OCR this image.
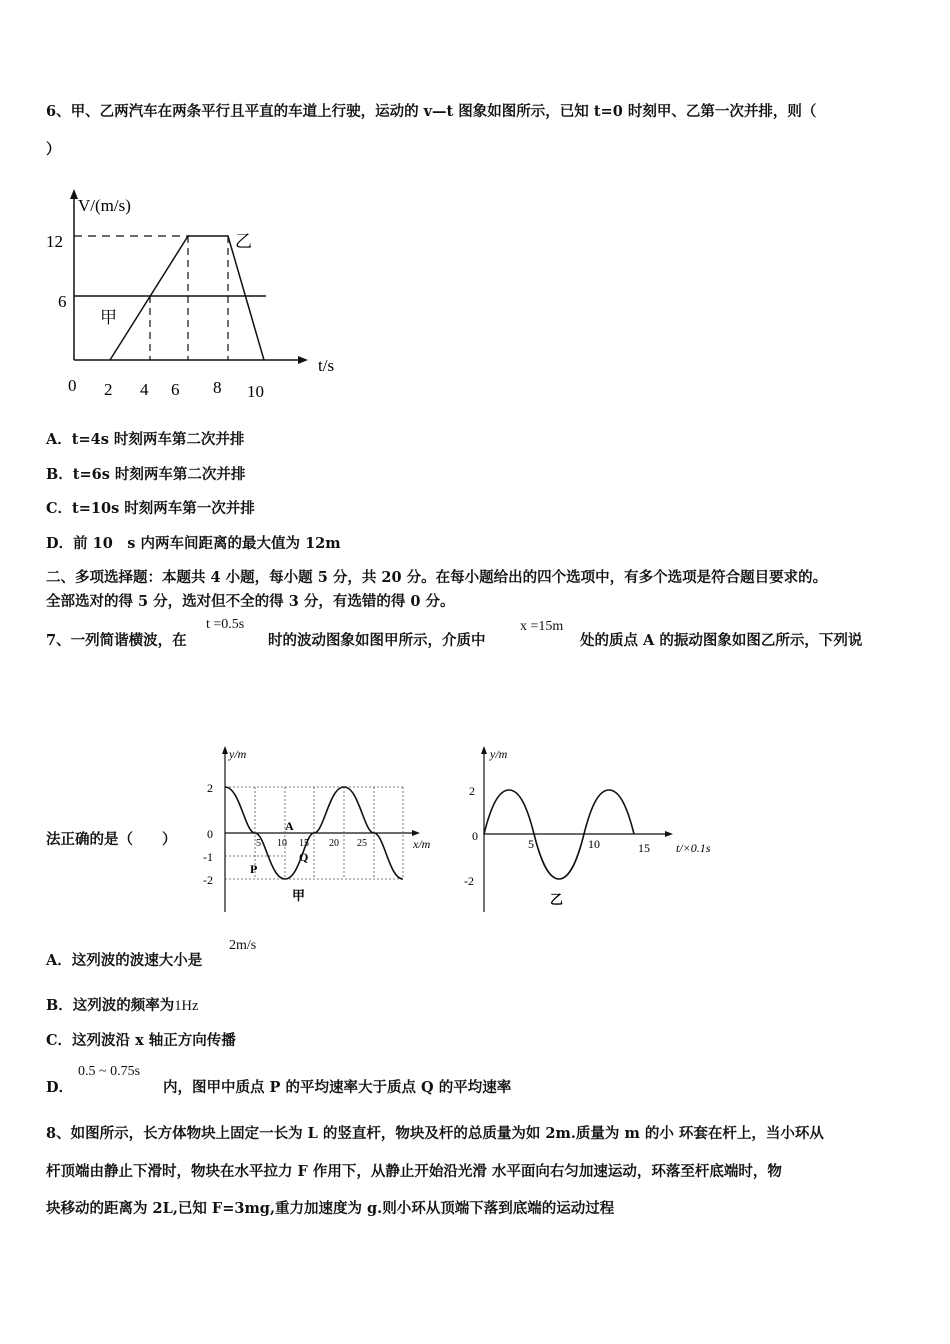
6、甲、乙两汽车在两条平行且平直的车道上行驶，运动的 v—t 图象如图所示，已知 t=0 时刻甲、乙第一次并排，则（
）
V/(m/s)
t/s
12
6
0 2 4 6 8 10
甲
乙
A．t=4s 时刻两车第二次并排
B．t=6s 时刻两车第二次并排
C．t=10s 时刻两车第一次并排
D．前 10　s 内两车间距离的最大值为 12m
二、多项选择题：本题共 4 小题，每小题 5 分，共 20 分。在每小题给出的四个选项中，有多个选项是符合题目要求的。
全部选对的得 5 分，选对但不全的得 3 分，有选错的得 0 分。
7、一列简谐横波，在
t =0.5s
时的波动图象如图甲所示，介质中
x =15m
处的质点 A 的振动图象如图乙所示，下列说
法正确的是（　　）
y/m
x/m
2
0
-1
-2
5 10 15 20 25
A
P
Q
甲
y/m
t/×0.1s
2
0
-2
5	10	15
乙
A．这列波的波速大小是
2m/s
B．这列波的频率为1Hz
C．这列波沿 x 轴正方向传播
D．
0.5 ~ 0.75s
内，图甲中质点 P 的平均速率大于质点 Q 的平均速率
8、如图所示，长方体物块上固定一长为 L 的竖直杆，物块及杆的总质量为如 2m.质量为 m 的小 环套在杆上，当小环从
杆顶端由静止下滑时，物块在水平拉力 F 作用下，从静止开始沿光滑 水平面向右匀加速运动，环落至杆底端时，物
块移动的距离为 2L,已知 F=3mg,重力加速度为 g.则小环从顶端下落到底端的运动过程
